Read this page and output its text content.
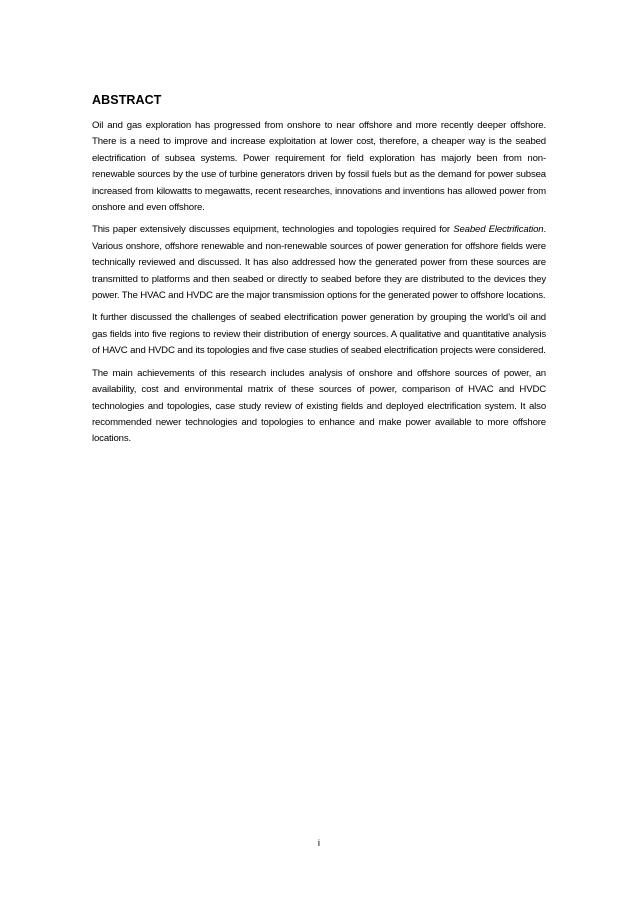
ABSTRACT

Oil and gas exploration has progressed from onshore to near offshore and more recently deeper offshore. There is a need to improve and increase exploitation at lower cost, therefore, a cheaper way is the seabed electrification of subsea systems. Power requirement for field exploration has majorly been from non-renewable sources by the use of turbine generators driven by fossil fuels but as the demand for power subsea increased from kilowatts to megawatts, recent researches, innovations and inventions has allowed power from onshore and even offshore.

This paper extensively discusses equipment, technologies and topologies required for Seabed Electrification. Various onshore, offshore renewable and non-renewable sources of power generation for offshore fields were technically reviewed and discussed. It has also addressed how the generated power from these sources are transmitted to platforms and then seabed or directly to seabed before they are distributed to the devices they power. The HVAC and HVDC are the major transmission options for the generated power to offshore locations.

It further discussed the challenges of seabed electrification power generation by grouping the world’s oil and gas fields into five regions to review their distribution of energy sources. A qualitative and quantitative analysis of HAVC and HVDC and its topologies and five case studies of seabed electrification projects were considered.

The main achievements of this research includes analysis of onshore and offshore sources of power, an availability, cost and environmental matrix of these sources of power, comparison of HVAC and HVDC technologies and topologies, case study review of existing fields and deployed electrification system. It also recommended newer technologies and topologies to enhance and make power available to more offshore locations.

i
